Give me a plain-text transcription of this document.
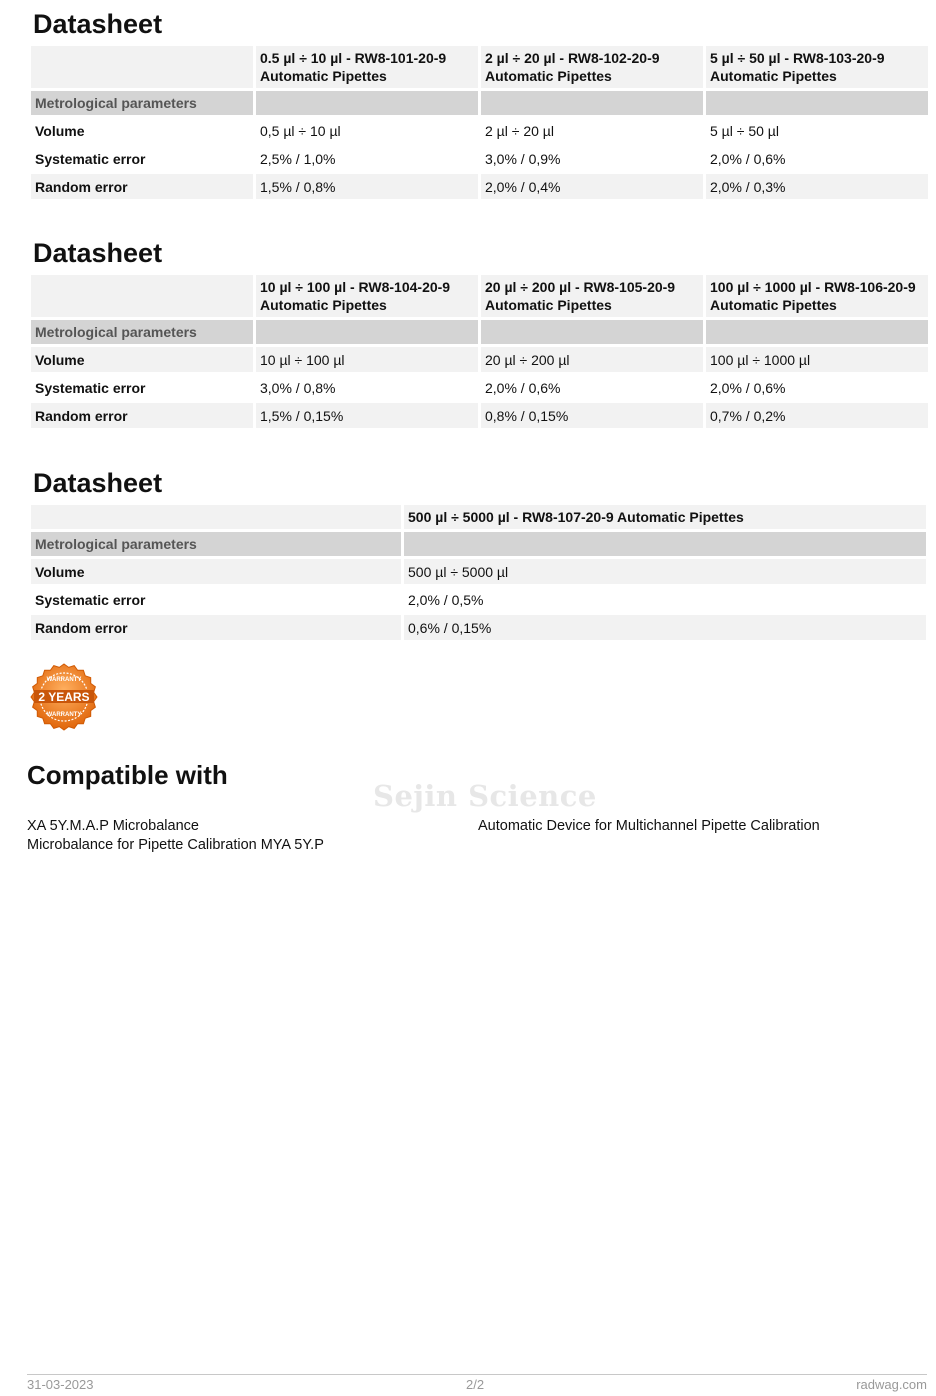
Datasheet
	0.5 µl ÷ 10 µl - RW8-101-20-9 Automatic Pipettes	2 µl ÷ 20 µl - RW8-102-20-9 Automatic Pipettes	5 µl ÷ 50 µl - RW8-103-20-9 Automatic Pipettes
Metrological parameters			
Volume	0,5 µl ÷ 10 µl	2 µl ÷ 20 µl	5 µl ÷ 50 µl
Systematic error	2,5% / 1,0%	3,0% / 0,9%	2,0% / 0,6%
Random error	1,5% / 0,8%	2,0% / 0,4%	2,0% / 0,3%
Datasheet
	10 µl ÷ 100 µl - RW8-104-20-9 Automatic Pipettes	20 µl ÷ 200 µl - RW8-105-20-9 Automatic Pipettes	100 µl ÷ 1000 µl - RW8-106-20-9 Automatic Pipettes
Metrological parameters			
Volume	10 µl ÷ 100 µl	20 µl ÷ 200 µl	100 µl ÷ 1000 µl
Systematic error	3,0% / 0,8%	2,0% / 0,6%	2,0% / 0,6%
Random error	1,5% / 0,15%	0,8% / 0,15%	0,7% / 0,2%
Datasheet
	500 µl ÷ 5000 µl - RW8-107-20-9 Automatic Pipettes
Metrological parameters	
Volume	500 µl ÷ 5000 µl
Systematic error	2,0% / 0,5%
Random error	0,6% / 0,15%
WARRANTY
2 YEARS
WARRANTY
Compatible with
Sejin Science
XA 5Y.M.A.P Microbalance
Microbalance for Pipette Calibration MYA 5Y.P
Automatic Device for Multichannel Pipette Calibration
31-03-2023	2/2	radwag.com
